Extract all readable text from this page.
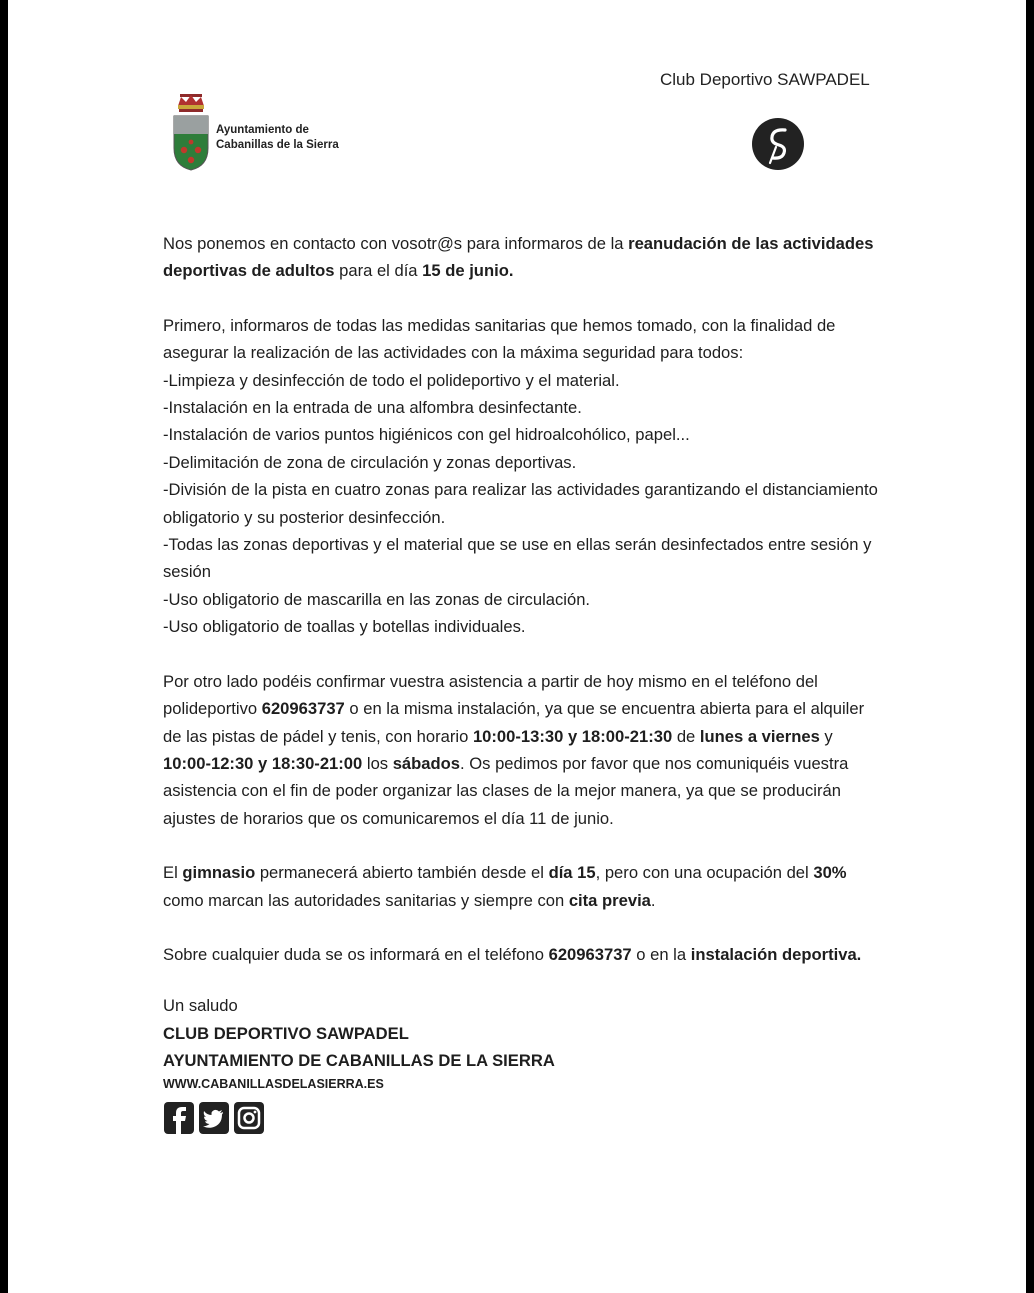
Club Deportivo SAWPADEL
Ayuntamiento de
Cabanillas de la Sierra

Nos ponemos en contacto con vosotr@s para informaros de la reanudación de las actividades deportivas de adultos para el día 15 de junio.

Primero, informaros de todas las medidas sanitarias que hemos tomado, con la finalidad de asegurar la realización de las actividades con la máxima seguridad para todos:

-Limpieza y desinfección de todo el polideportivo y el material.

-Instalación en la entrada de una alfombra desinfectante.

-Instalación de varios puntos higiénicos con gel hidroalcohólico, papel...

-Delimitación de zona de circulación y zonas deportivas.

-División de la pista en cuatro zonas para realizar las actividades garantizando el distanciamiento obligatorio y su posterior desinfección.

-Todas las zonas deportivas y el material que se use en ellas serán desinfectados entre sesión y sesión

-Uso obligatorio de mascarilla en las zonas de circulación.

-Uso obligatorio de toallas y botellas individuales.

Por otro lado podéis confirmar vuestra asistencia a partir de hoy mismo en el teléfono del polideportivo 620963737 o en la misma instalación, ya que se encuentra abierta para el alquiler de las pistas de pádel y tenis, con horario 10:00-13:30 y 18:00-21:30 de lunes a viernes y 10:00-12:30 y 18:30-21:00 los sábados. Os pedimos por favor que nos comuniquéis vuestra asistencia con el fin de poder organizar las clases de la mejor manera, ya que se producirán ajustes de horarios que os comunicaremos el día 11 de junio.

El gimnasio permanecerá abierto también desde el día 15, pero con una ocupación del 30% como marcan las autoridades sanitarias y siempre con cita previa.

Sobre cualquier duda se os informará en el teléfono 620963737 o en la instalación deportiva.

Un saludo

CLUB DEPORTIVO SAWPADEL

AYUNTAMIENTO DE CABANILLAS DE LA SIERRA

WWW.CABANILLASDELASIERRA.ES
